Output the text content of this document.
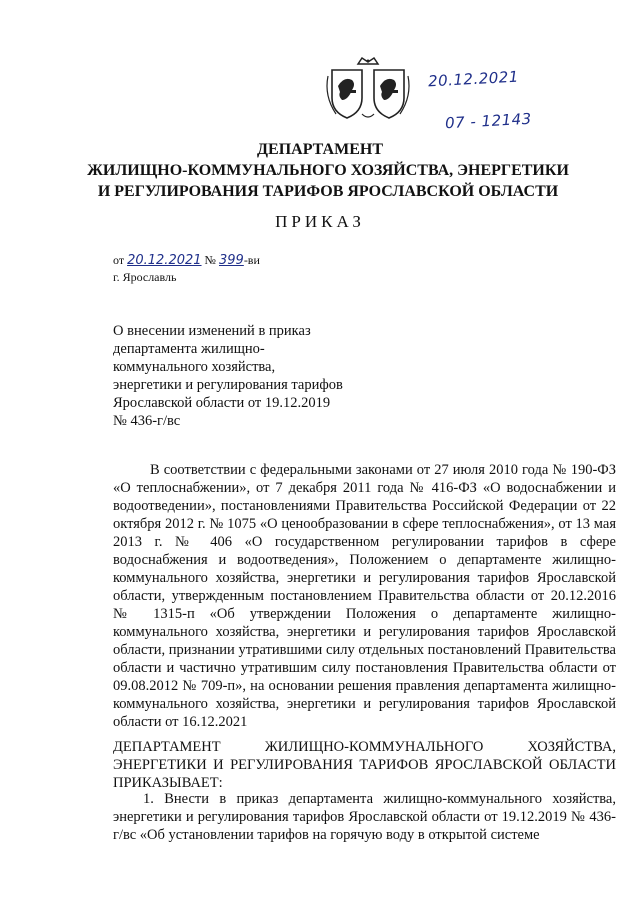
20.12.2021
07 - 12143
ДЕПАРТАМЕНТ
ЖИЛИЩНО-КОММУНАЛЬНОГО ХОЗЯЙСТВА, ЭНЕРГЕТИКИ
И РЕГУЛИРОВАНИЯ ТАРИФОВ ЯРОСЛАВСКОЙ ОБЛАСТИ
ПРИКАЗ
от 20.12.2021 № 399-ви
г. Ярославль
О внесении изменений в приказ департамента жилищно-коммунального хозяйства, энергетики и регулирования тарифов Ярославской области от 19.12.2019 № 436-г/вс
В соответствии с федеральными законами от 27 июля 2010 года № 190-ФЗ «О теплоснабжении», от 7 декабря 2011 года № 416-ФЗ «О водоснабжении и водоотведении», постановлениями Правительства Российской Федерации от 22 октября 2012 г. № 1075 «О ценообразовании в сфере теплоснабжения», от 13 мая 2013 г. № 406 «О государственном регулировании тарифов в сфере водоснабжения и водоотведения», Положением о департаменте жилищно-коммунального хозяйства, энергетики и регулирования тарифов Ярославской области, утвержденным постановлением Правительства области от 20.12.2016 № 1315-п «Об утверждении Положения о департаменте жилищно-коммунального хозяйства, энергетики и регулирования тарифов Ярославской области, признании утратившими силу отдельных постановлений Правительства области и частично утратившим силу постановления Правительства области от 09.08.2012 № 709-п», на основании решения правления департамента жилищно-коммунального хозяйства, энергетики и регулирования тарифов Ярославской области от 16.12.2021
ДЕПАРТАМЕНТ ЖИЛИЩНО-КОММУНАЛЬНОГО ХОЗЯЙСТВА, ЭНЕРГЕТИКИ И РЕГУЛИРОВАНИЯ ТАРИФОВ ЯРОСЛАВСКОЙ ОБЛАСТИ ПРИКАЗЫВАЕТ:
1. Внести в приказ департамента жилищно-коммунального хозяйства, энергетики и регулирования тарифов Ярославской области от 19.12.2019 № 436-г/вс «Об установлении тарифов на горячую воду в открытой системе
